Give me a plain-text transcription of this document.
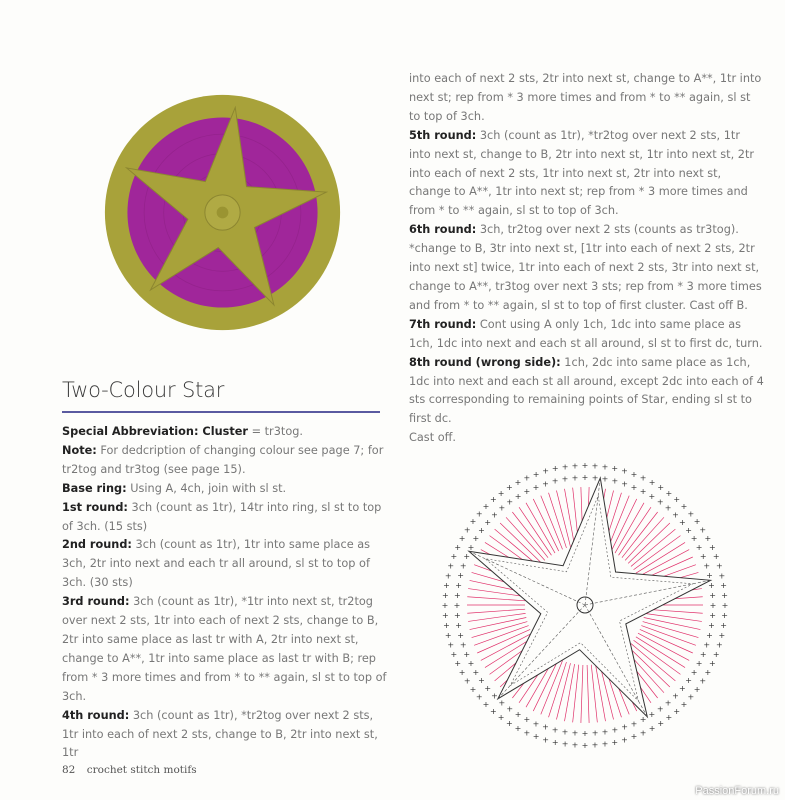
Two-Colour Star

Special Abbreviation: Cluster = tr3tog.

Note: For dedcription of changing colour see page 7; for tr2tog and tr3tog (see page 15).

Base ring: Using A, 4ch, join with sl st.

1st round: 3ch (count as 1tr), 14tr into ring, sl st to top of 3ch. (15 sts)

2nd round: 3ch (count as 1tr), 1tr into same place as 3ch, 2tr into next and each tr all around, sl st to top of 3ch. (30 sts)

3rd round: 3ch (count as 1tr), *1tr into next st, tr2tog over next 2 sts, 1tr into each of next 2 sts, change to B, 2tr into same place as last tr with A, 2tr into next st, change to A**, 1tr into same place as last tr with B; rep from * 3 more times and from * to ** again, sl st to top of 3ch.

4th round: 3ch (count as 1tr), *tr2tog over next 2 sts, 1tr into each of next 2 sts, change to B, 2tr into next st, 1tr

into each of next 2 sts, 2tr into next st, change to A**, 1tr into next st; rep from * 3 more times and from * to ** again, sl st to top of 3ch.

5th round: 3ch (count as 1tr), *tr2tog over next 2 sts, 1tr into next st, change to B, 2tr into next st, 1tr into next st, 2tr into each of next 2 sts, 1tr into next st, 2tr into next st, change to A**, 1tr into next st; rep from * 3 more times and from * to ** again, sl st to top of 3ch.

6th round: 3ch, tr2tog over next 2 sts (counts as tr3tog). *change to B, 3tr into next st, [1tr into each of next 2 sts, 2tr into next st] twice, 1tr into each of next 2 sts, 3tr into next st, change to A**, tr3tog over next 3 sts; rep from * 3 more times and from * to ** again, sl st to top of first cluster. Cast off B.

7th round: Cont using A only 1ch, 1dc into same place as 1ch, 1dc into next and each st all around, sl st to first dc, turn.

8th round (wrong side): 1ch, 2dc into same place as 1ch, 1dc into next and each st all around, except 2dc into each of 4 sts corresponding to remaining points of Star, ending sl st to first dc.

Cast off.

+
+
+
+
+
+
+
+
+
+
+
+
+
+
+
+
+
+
+
+
+
+
+
+
+
+
+
+
+
+
+
+
+
+
+
+
+
+
+
+
+
+
+
+
+
+
+
+
+
+
+
+
+
+
+ + + + + + + + + + + + +
+
+
+
+
+
+
+
+
+
+
+
+
+
+
+
+
+
+
+
+
+
+
+
+
+
+
+
+
+
+
+
+
+
+
+
+
+
+
+
+
+
+
+
+
+
+
+
+
+
+
+
+
+
+
+
+
+
+
+
+
+
+
+
+
+
+
+
+
+
+
+
+
+ + + + + + + + + + + + + + +
+
+
+
+
+
+
+
+
+
+
+
+
+
+
82 crochet stitch motifs
PassionForum.ru
